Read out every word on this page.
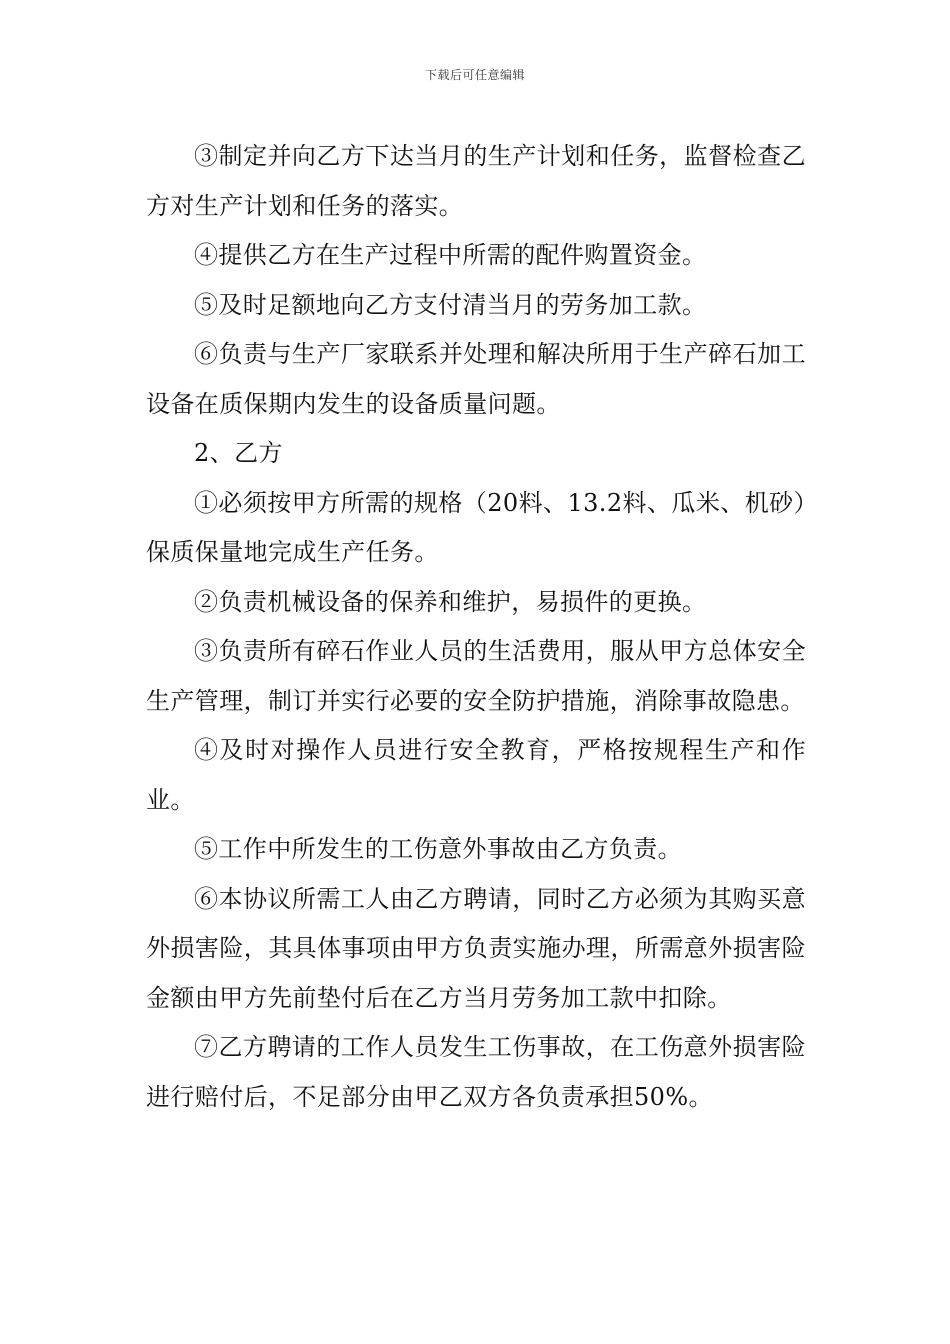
下载后可任意编辑

③制定并向乙方下达当月的生产计划和任务，监督检查乙方对生产计划和任务的落实。

④提供乙方在生产过程中所需的配件购置资金。

⑤及时足额地向乙方支付清当月的劳务加工款。

⑥负责与生产厂家联系并处理和解决所用于生产碎石加工设备在质保期内发生的设备质量问题。

2、乙方

①必须按甲方所需的规格（20料、13.2料、瓜米、机砂）保质保量地完成生产任务。

②负责机械设备的保养和维护，易损件的更换。

③负责所有碎石作业人员的生活费用，服从甲方总体安全生产管理，制订并实行必要的安全防护措施，消除事故隐患。

④及时对操作人员进行安全教育，严格按规程生产和作业。

⑤工作中所发生的工伤意外事故由乙方负责。

⑥本协议所需工人由乙方聘请，同时乙方必须为其购买意外损害险，其具体事项由甲方负责实施办理，所需意外损害险金额由甲方先前垫付后在乙方当月劳务加工款中扣除。

⑦乙方聘请的工作人员发生工伤事故，在工伤意外损害险进行赔付后，不足部分由甲乙双方各负责承担50%。
